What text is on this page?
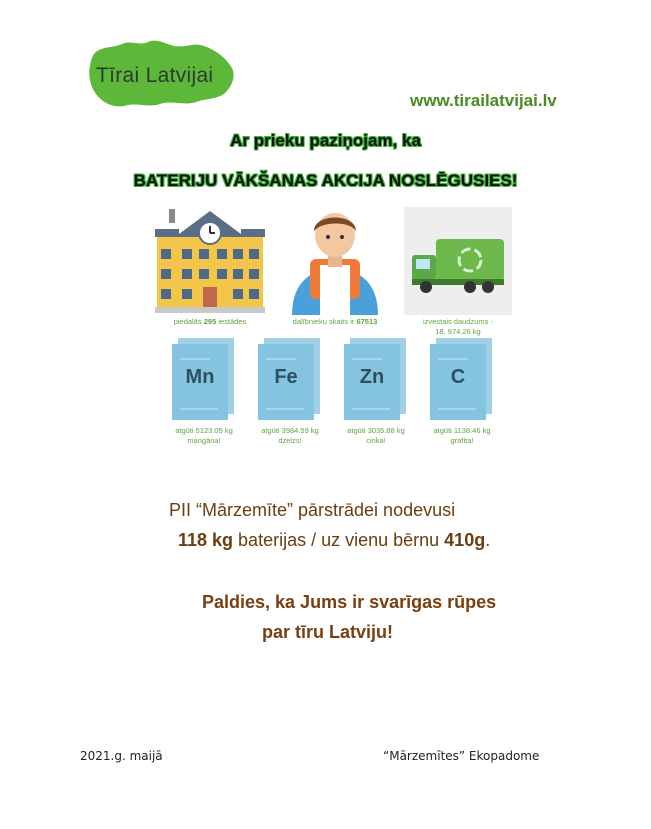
Tīrai Latvijai
www.tirailatvijai.lv
Ar prieku paziņojam, ka
BATERIJU VĀKŠANAS AKCIJA NOSLĒGUSIES!
piedalās 295 iestādes	dalībnieku skaits ir 67513	izvestais daudzums -
18, 974.26 kg
Mn
atgūti 5123.05 kg
mangāna!
Fe
atgūti 3984.59 kg
dzelzs!
Zn
atgūti 3035.88 kg
cinka!
C
atgūti 1138.46 kg
grafita!
PII “Mārzemīte” pārstrādei nodevusi
118 kg baterijas / uz vienu bērnu 410g.
Paldies, ka Jums ir svarīgas rūpes
par tīru Latviju!
2021.g. maijā	“Mārzemītes” Ekopadome
